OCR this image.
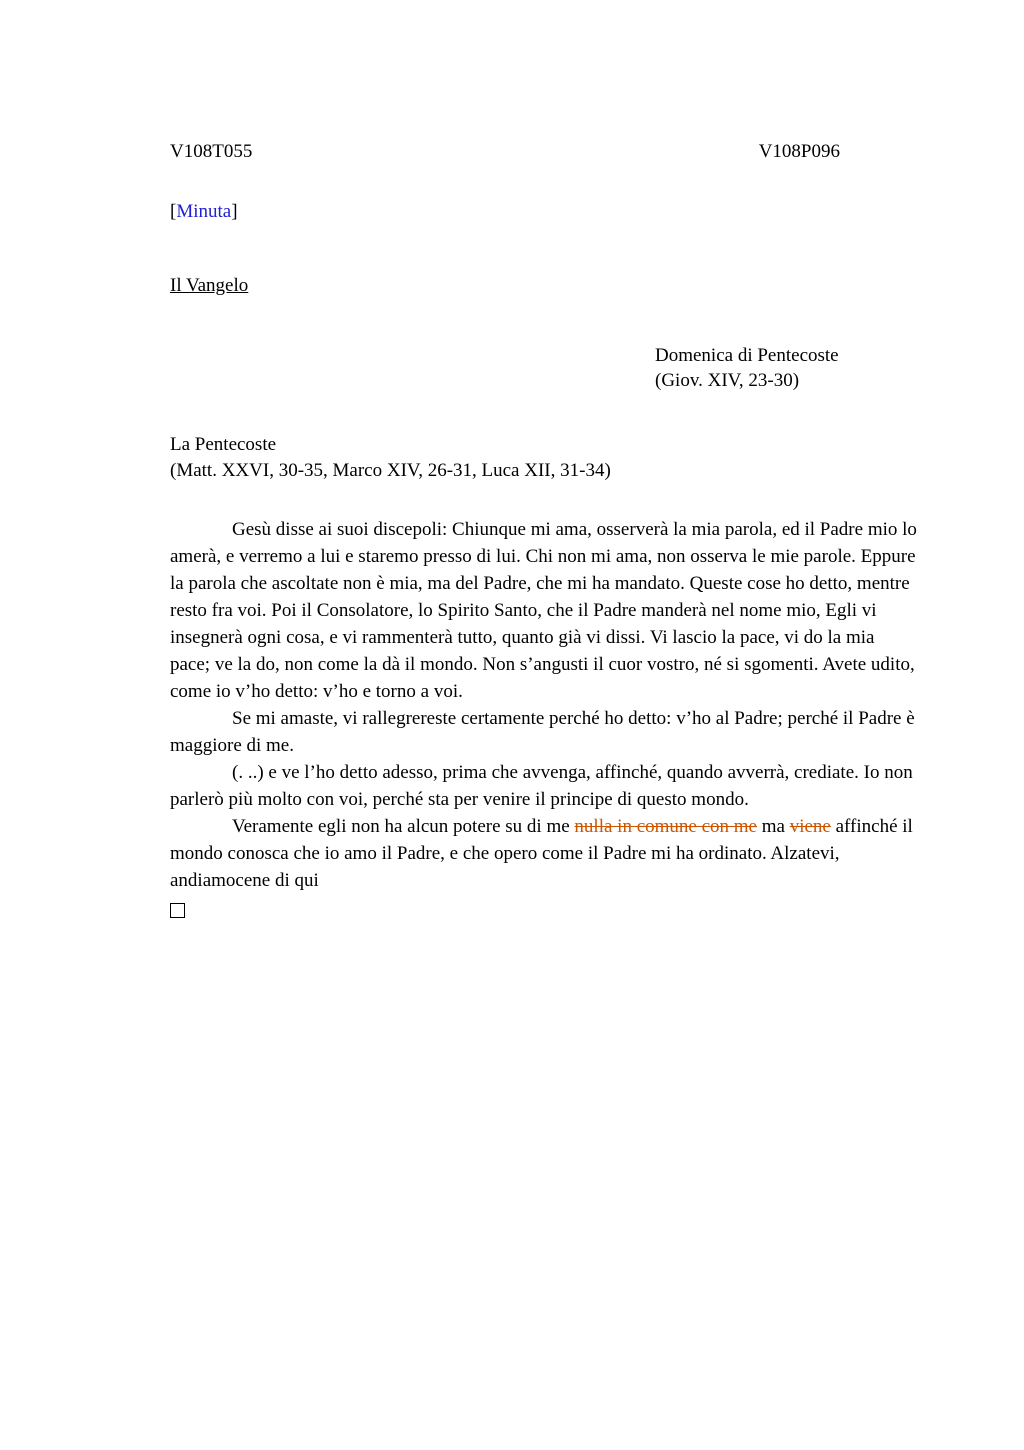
V108T055	V108P096
[Minuta]
Il Vangelo
Domenica di Pentecoste
(Giov. XIV, 23-30)
La Pentecoste
(Matt. XXVI, 30-35, Marco XIV, 26-31, Luca XII, 31-34)

Gesù disse ai suoi discepoli: Chiunque mi ama, osserverà la mia parola, ed il Padre mio lo amerà, e verremo a lui e staremo presso di lui. Chi non mi ama, non osserva le mie parole. Eppure la parola che ascoltate non è mia, ma del Padre, che mi ha mandato. Queste cose ho detto, mentre resto fra voi. Poi il Consolatore, lo Spirito Santo, che il Padre manderà nel nome mio, Egli vi insegnerà ogni cosa, e vi rammenterà tutto, quanto già vi dissi. Vi lascio la pace, vi do la mia pace; ve la do, non come la dà il mondo. Non s’angusti il cuor vostro, né si sgomenti. Avete udito, come io v’ho detto: v’ho e torno a voi.

Se mi amaste, vi rallegrereste certamente perché ho detto: v’ho al Padre; perché il Padre è maggiore di me.

(. ..) e ve l’ho detto adesso, prima che avvenga, affinché, quando avverrà, crediate. Io non parlerò più molto con voi, perché sta per venire il principe di questo mondo.

Veramente egli non ha alcun potere su di me nulla in comune con me ma viene affinché il mondo conosca che io amo il Padre, e che opero come il Padre mi ha ordinato. Alzatevi, andiamocene di qui
